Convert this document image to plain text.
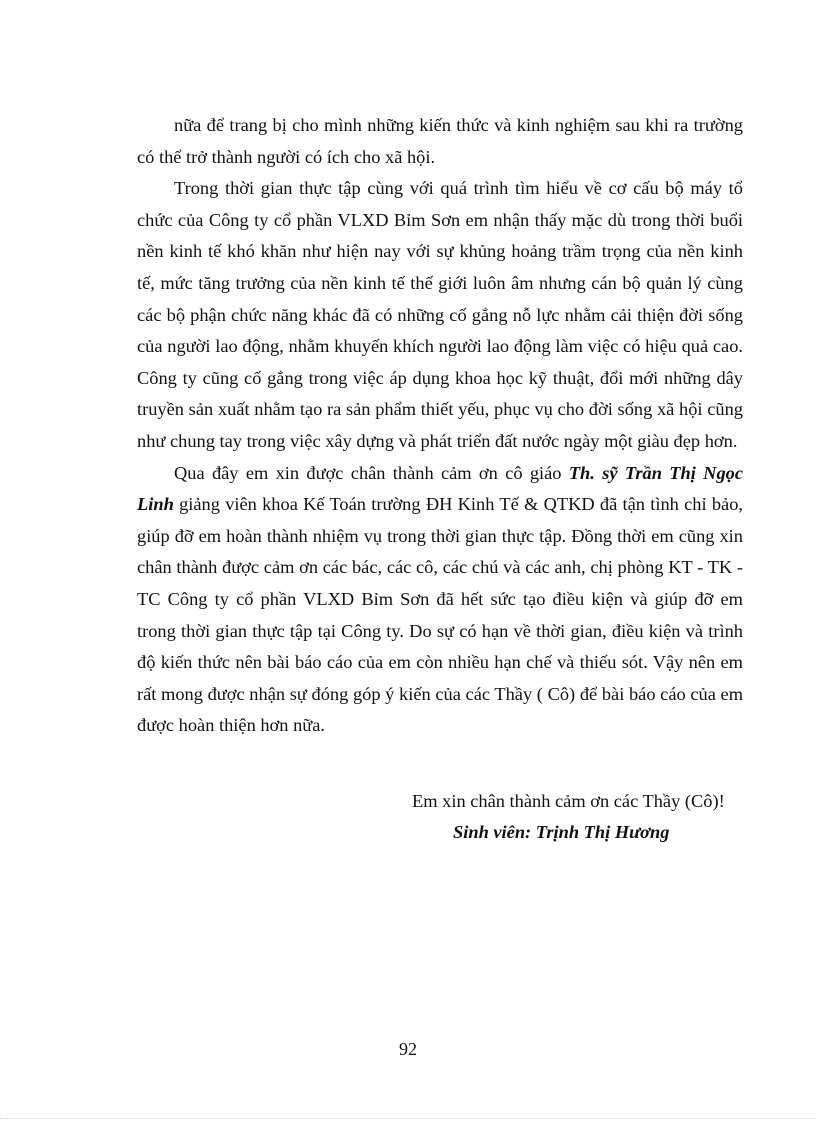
nữa để trang bị cho mình những kiến thức và kinh nghiệm sau khi ra trường có thể trở thành người có ích cho xã hội.

Trong thời gian thực tập cùng với quá trình tìm hiểu về cơ cấu bộ máy tổ chức của Công ty cổ phần VLXD Bỉm Sơn em nhận thấy mặc dù trong thời buổi nền kinh tế khó khăn như hiện nay với sự khủng hoảng trầm trọng của nền kinh tế, mức tăng trưởng của nền kinh tế thế giới luôn âm nhưng cán bộ quản lý cùng các bộ phận chức năng khác đã có những cố gắng nỗ lực nhằm cải thiện đời sống của người lao động, nhằm khuyến khích người lao động làm việc có hiệu quả cao. Công ty cũng cố gắng trong việc áp dụng khoa học kỹ thuật, đổi mới những dây truyền sản xuất nhằm tạo ra sản phẩm thiết yếu, phục vụ cho đời sống xã hội cũng như chung tay trong việc xây dựng và phát triển đất nước ngày một giàu đẹp hơn.

Qua đây em xin được chân thành cảm ơn cô giáo Th. sỹ Trần Thị Ngọc Linh giảng viên khoa Kế Toán trường ĐH Kinh Tế & QTKD đã tận tình chỉ bảo, giúp đỡ em hoàn thành nhiệm vụ trong thời gian thực tập. Đồng thời em cũng xin chân thành được cảm ơn các bác, các cô, các chú và các anh, chị phòng KT - TK - TC Công ty cổ phần VLXD Bỉm Sơn đã hết sức tạo điều kiện và giúp đỡ em trong thời gian thực tập tại Công ty. Do sự có hạn về thời gian, điều kiện và trình độ kiến thức nên bài báo cáo của em còn nhiều hạn chế và thiếu sót. Vậy nên em rất mong được nhận sự đóng góp ý kiến của các Thầy ( Cô) để bài báo cáo của em được hoàn thiện hơn nữa.

Em xin chân thành cảm ơn các Thầy (Cô)!
Sinh viên: Trịnh Thị Hương
92
